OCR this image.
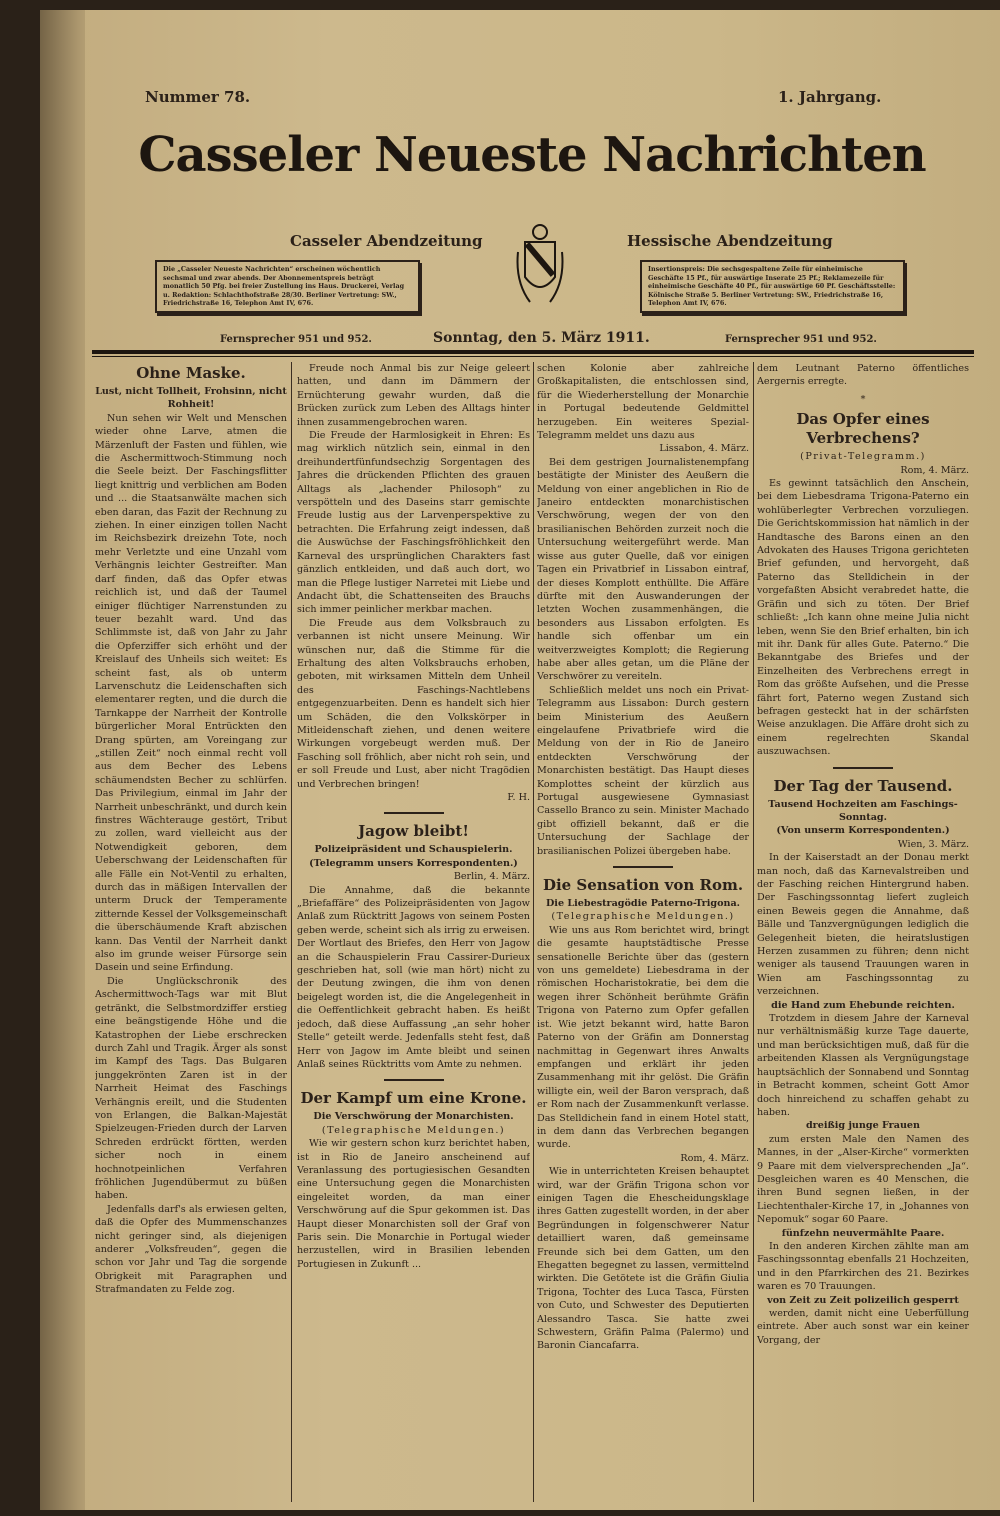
Nummer 78.	1. Jahrgang.
Casseler Neueste Nachrichten
Casseler Abendzeitung	Hessische Abendzeitung
Die „Casseler Neueste Nachrichten“ erscheinen wöchentlich sechsmal und zwar abends. Der Abonnementspreis beträgt monatlich 50 Pfg. bei freier Zustellung ins Haus. Druckerei, Verlag u. Redaktion: Schlachthofstraße 28/30. Berliner Vertretung: SW., Friedrichstraße 16, Telephon Amt IV, 676.
Insertionspreis: Die sechsgespaltene Zeile für einheimische Geschäfte 15 Pf., für auswärtige Inserate 25 Pf.; Reklamezeile für einheimische Geschäfte 40 Pf., für auswärtige 60 Pf. Geschäftsstelle: Kölnische Straße 5. Berliner Vertretung: SW., Friedrichstraße 16, Telephon Amt IV, 676.
Fernsprecher 951 und 952.	Sonntag, den 5. März 1911.	Fernsprecher 951 und 952.
Ohne Maske.
Lust, nicht Tollheit, Frohsinn, nicht Rohheit!

Nun sehen wir Welt und Menschen wieder ohne Larve, atmen die Märzenluft der Fasten und fühlen, wie die Aschermittwoch-Stimmung noch die Seele beizt. Der Faschingsflitter liegt knittrig und verblichen am Boden und ... die Staatsanwälte machen sich eben daran, das Fazit der Rechnung zu ziehen. In einer einzigen tollen Nacht im Reichsbezirk dreizehn Tote, noch mehr Verletzte und eine Unzahl vom Verhängnis leichter Gestreifter. Man darf finden, daß das Opfer etwas reichlich ist, und daß der Taumel einiger flüchtiger Narrenstunden zu teuer bezahlt ward. Und das Schlimmste ist, daß von Jahr zu Jahr die Opferziffer sich erhöht und der Kreislauf des Unheils sich weitet: Es scheint fast, als ob unterm Larvenschutz die Leidenschaften sich elementarer regten, und die durch die Tarnkappe der Narrheit der Kontrolle bürgerlicher Moral Entrückten den Drang spürten, am Voreingang zur „stillen Zeit“ noch einmal recht voll aus dem Becher des Lebens schäumendsten Becher zu schlürfen. Das Privilegium, einmal im Jahr der Narrheit unbeschränkt, und durch kein finstres Wächterauge gestört, Tribut zu zollen, ward vielleicht aus der Notwendigkeit geboren, dem Ueberschwang der Leidenschaften für alle Fälle ein Not-Ventil zu erhalten, durch das in mäßigen Intervallen der unterm Druck der Temperamente zitternde Kessel der Volksgemeinschaft die überschäumende Kraft abzischen kann. Das Ventil der Narrheit dankt also im grunde weiser Fürsorge sein Dasein und seine Erfindung.

Die Unglückschronik des Aschermittwoch-Tags war mit Blut getränkt, die Selbstmordziffer erstieg eine beängstigende Höhe und die Katastrophen der Liebe erschrecken durch Zahl und Tragik. Ärger als sonst im Kampf des Tags. Das Bulgaren junggekrönten Zaren ist in der Narrheit Heimat des Faschings Verhängnis ereilt, und die Studenten von Erlangen, die Balkan-Majestät Spielzeugen-Frieden durch der Larven Schreden erdrückt förtten, werden sicher noch in einem hochnotpeinlichen Verfahren fröhlichen Jugendübermut zu büßen haben.

Jedenfalls darf's als erwiesen gelten, daß die Opfer des Mummenschanzes nicht geringer sind, als diejenigen anderer „Volksfreuden“, gegen die schon vor Jahr und Tag die sorgende Obrigkeit mit Paragraphen und Strafmandaten zu Felde zog.

Freude noch Anmal bis zur Neige geleert hatten, und dann im Dämmern der Ernüchterung gewahr wurden, daß die Brücken zurück zum Leben des Alltags hinter ihnen zusammengebrochen waren.

Die Freude der Harmlosigkeit in Ehren: Es mag wirklich nützlich sein, einmal in den dreihundertfünfundsechzig Sorgentagen des Jahres die drückenden Pflichten des grauen Alltags als „lachender Philosoph“ zu verspötteln und des Daseins starr gemischte Freude lustig aus der Larvenperspektive zu betrachten. Die Erfahrung zeigt indessen, daß die Auswüchse der Faschingsfröhlichkeit den Karneval des ursprünglichen Charakters fast gänzlich entkleiden, und daß auch dort, wo man die Pflege lustiger Narretei mit Liebe und Andacht übt, die Schattenseiten des Brauchs sich immer peinlicher merkbar machen.

Die Freude aus dem Volksbrauch zu verbannen ist nicht unsere Meinung. Wir wünschen nur, daß die Stimme für die Erhaltung des alten Volksbrauchs erhoben, geboten, mit wirksamen Mitteln dem Unheil des Faschings-Nachtlebens entgegenzuarbeiten. Denn es handelt sich hier um Schäden, die den Volkskörper in Mitleidenschaft ziehen, und denen weitere Wirkungen vorgebeugt werden muß. Der Fasching soll fröhlich, aber nicht roh sein, und er soll Freude und Lust, aber nicht Tragödien und Verbrechen bringen!

F. H.
Jagow bleibt!
Polizeipräsident und Schauspielerin.
(Telegramm unsers Korrespondenten.)
Berlin, 4. März.

Die Annahme, daß die bekannte „Briefaffäre“ des Polizeipräsidenten von Jagow Anlaß zum Rücktritt Jagows von seinem Posten geben werde, scheint sich als irrig zu erweisen. Der Wortlaut des Briefes, den Herr von Jagow an die Schauspielerin Frau Cassirer-Durieux geschrieben hat, soll (wie man hört) nicht zu der Deutung zwingen, die ihm von denen beigelegt worden ist, die die Angelegenheit in die Oeffentlichkeit gebracht haben. Es heißt jedoch, daß diese Auffassung „an sehr hoher Stelle“ geteilt werde. Jedenfalls steht fest, daß Herr von Jagow im Amte bleibt und seinen Anlaß seines Rücktritts vom Amte zu nehmen.

Der Kampf um eine Krone.
Die Verschwörung der Monarchisten.
(Telegraphische Meldungen.)

Wie wir gestern schon kurz berichtet haben, ist in Rio de Janeiro anscheinend auf Veranlassung des portugiesischen Gesandten eine Untersuchung gegen die Monarchisten eingeleitet worden, da man einer Verschwörung auf die Spur gekommen ist. Das Haupt dieser Monarchisten soll der Graf von Paris sein. Die Monarchie in Portugal wieder herzustellen, wird in Brasilien lebenden Portugiesen in Zukunft ...

schen Kolonie aber zahlreiche Großkapitalisten, die entschlossen sind, für die Wiederherstellung der Monarchie in Portugal bedeutende Geldmittel herzugeben. Ein weiteres Spezial-Telegramm meldet uns dazu aus

Lissabon, 4. März.

Bei dem gestrigen Journalistenempfang bestätigte der Minister des Aeußern die Meldung von einer angeblichen in Rio de Janeiro entdeckten monarchistischen Verschwörung, wegen der von den brasilianischen Behörden zurzeit noch die Untersuchung weitergeführt werde. Man wisse aus guter Quelle, daß vor einigen Tagen ein Privatbrief in Lissabon eintraf, der dieses Komplott enthüllte. Die Affäre dürfte mit den Auswanderungen der letzten Wochen zusammenhängen, die besonders aus Lissabon erfolgten. Es handle sich offenbar um ein weitverzweigtes Komplott; die Regierung habe aber alles getan, um die Pläne der Verschwörer zu vereiteln.

Schließlich meldet uns noch ein Privat-Telegramm aus Lissabon: Durch gestern beim Ministerium des Aeußern eingelaufene Privatbriefe wird die Meldung von der in Rio de Janeiro entdeckten Verschwörung der Monarchisten bestätigt. Das Haupt dieses Komplottes scheint der kürzlich aus Portugal ausgewiesene Gymnasiast Cassello Branco zu sein. Minister Machado gibt offiziell bekannt, daß er die Untersuchung der Sachlage der brasilianischen Polizei übergeben habe.

Die Sensation von Rom.
Die Liebestragödie Paterno-Trigona.
(Telegraphische Meldungen.)

Wie uns aus Rom berichtet wird, bringt die gesamte hauptstädtische Presse sensationelle Berichte über das (gestern von uns gemeldete) Liebesdrama in der römischen Hocharistokratie, bei dem die wegen ihrer Schönheit berühmte Gräfin Trigona von Paterno zum Opfer gefallen ist. Wie jetzt bekannt wird, hatte Baron Paterno von der Gräfin am Donnerstag nachmittag in Gegenwart ihres Anwalts empfangen und erklärt ihr jeden Zusammenhang mit ihr gelöst. Die Gräfin willigte ein, weil der Baron versprach, daß er Rom nach der Zusammenkunft verlasse. Das Stelldichein fand in einem Hotel statt, in dem dann das Verbrechen begangen wurde.

Rom, 4. März.

Wie in unterrichteten Kreisen behauptet wird, war der Gräfin Trigona schon vor einigen Tagen die Ehescheidungsklage ihres Gatten zugestellt worden, in der aber Begründungen in folgenschwerer Natur detailliert waren, daß gemeinsame Freunde sich bei dem Gatten, um den Ehegatten begegnet zu lassen, vermittelnd wirkten. Die Getötete ist die Gräfin Giulia Trigona, Tochter des Luca Tasca, Fürsten von Cuto, und Schwester des Deputierten Alessandro Tasca. Sie hatte zwei Schwestern, Gräfin Palma (Palermo) und Baronin Ciancafarra.

dem Leutnant Paterno öffentliches Aergernis erregte.

*
Das Opfer eines Verbrechens?
(Privat-Telegramm.)
Rom, 4. März.

Es gewinnt tatsächlich den Anschein, bei dem Liebesdrama Trigona-Paterno ein wohlüberlegter Verbrechen vorzuliegen. Die Gerichtskommission hat nämlich in der Handtasche des Barons einen an den Advokaten des Hauses Trigona gerichteten Brief gefunden, und hervorgeht, daß Paterno das Stelldichein in der vorgefaßten Absicht verabredet hatte, die Gräfin und sich zu töten. Der Brief schließt: „Ich kann ohne meine Julia nicht leben, wenn Sie den Brief erhalten, bin ich mit ihr. Dank für alles Gute. Paterno.“ Die Bekanntgabe des Briefes und der Einzelheiten des Verbrechens erregt in Rom das größte Aufsehen, und die Presse fährt fort, Paterno wegen Zustand sich befragen gesteckt hat in der schärfsten Weise anzuklagen. Die Affäre droht sich zu einem regelrechten Skandal auszuwachsen.

Der Tag der Tausend.
Tausend Hochzeiten am Faschings-Sonntag.
(Von unserm Korrespondenten.)
Wien, 3. März.

In der Kaiserstadt an der Donau merkt man noch, daß das Karnevalstreiben und der Fasching reichen Hintergrund haben. Der Faschingssonntag liefert zugleich einen Beweis gegen die Annahme, daß Bälle und Tanzvergnügungen lediglich die Gelegenheit bieten, die heiratslustigen Herzen zusammen zu führen; denn nicht weniger als tausend Trauungen waren in Wien am Faschingssonntag zu verzeichnen.

die Hand zum Ehebunde reichten.

Trotzdem in diesem Jahre der Karneval nur verhältnismäßig kurze Tage dauerte, und man berücksichtigen muß, daß für die arbeitenden Klassen als Vergnügungstage hauptsächlich der Sonnabend und Sonntag in Betracht kommen, scheint Gott Amor doch hinreichend zu schaffen gehabt zu haben.

dreißig junge Frauen

zum ersten Male den Namen des Mannes, in der „Alser-Kirche“ vormerkten 9 Paare mit dem vielversprechenden „Ja“. Desgleichen waren es 40 Menschen, die ihren Bund segnen ließen, in der Liechtenthaler-Kirche 17, in „Johannes von Nepomuk“ sogar 60 Paare.

fünfzehn neuvermählte Paare.

In den anderen Kirchen zählte man am Faschingssonntag ebenfalls 21 Hochzeiten, und in den Pfarrkirchen des 21. Bezirkes waren es 70 Trauungen.

von Zeit zu Zeit polizeilich gesperrt

werden, damit nicht eine Ueberfüllung eintrete. Aber auch sonst war ein keiner Vorgang, der
